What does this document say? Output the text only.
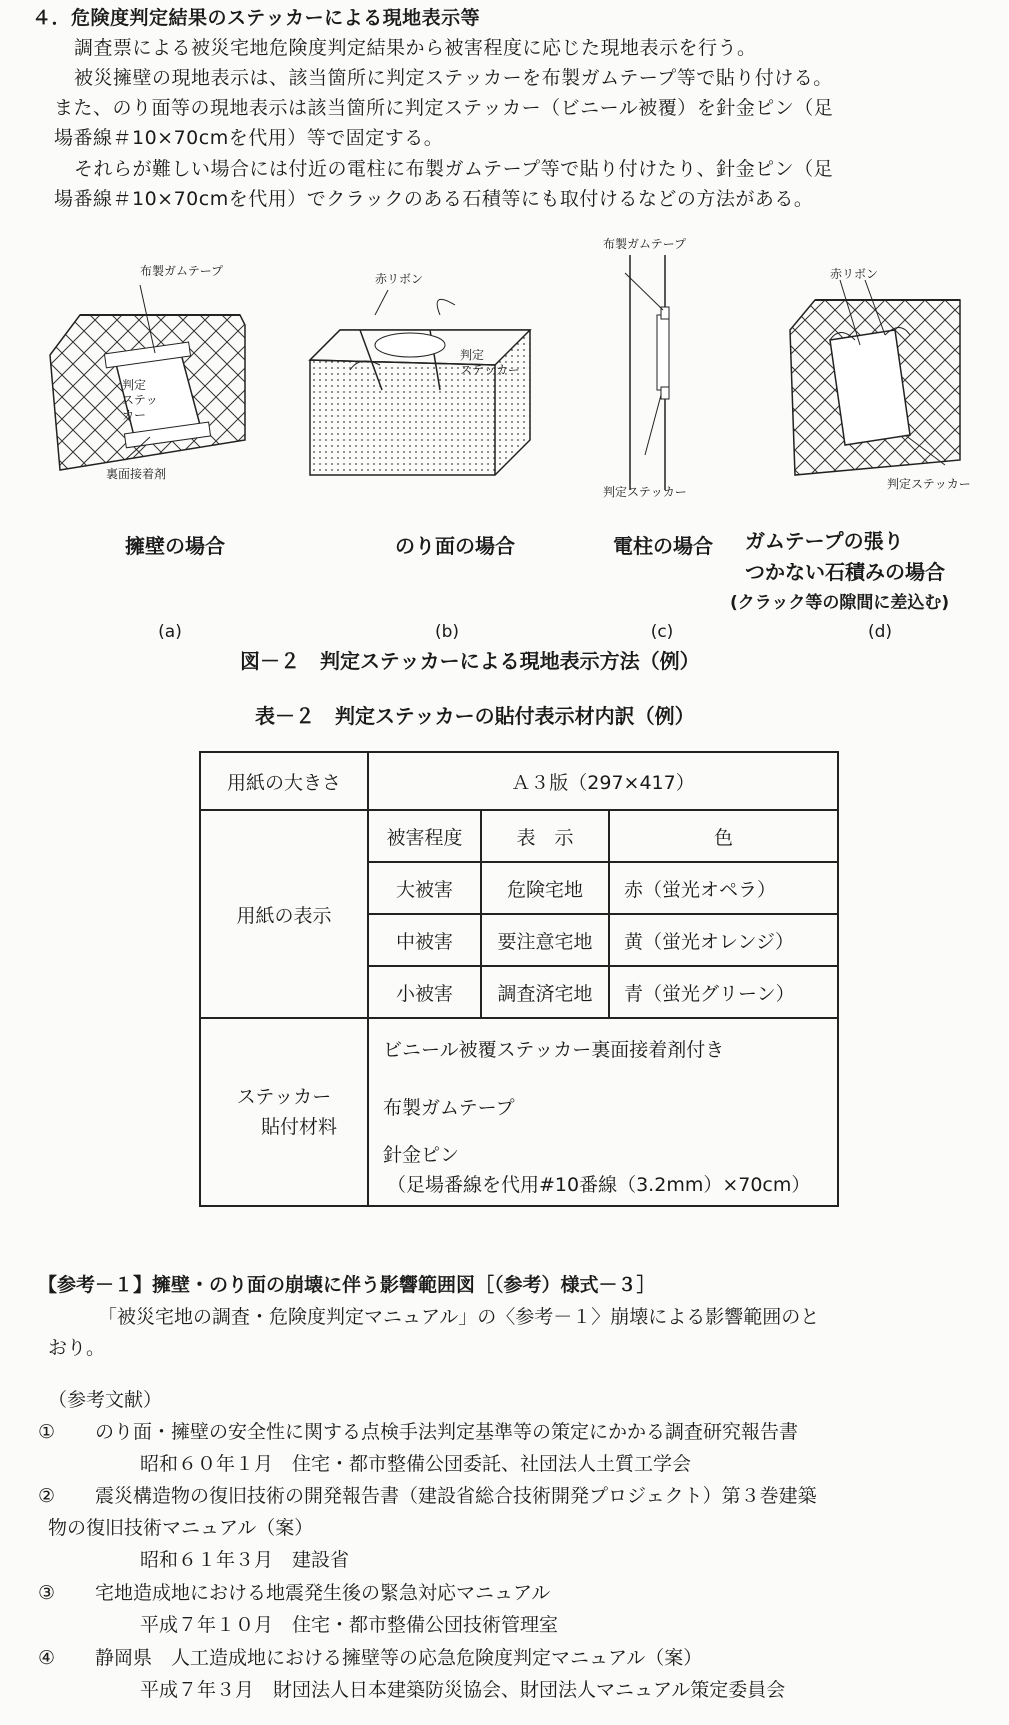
４．危険度判定結果のステッカーによる現地表示等
調査票による被災宅地危険度判定結果から被害程度に応じた現地表示を行う。
被災擁壁の現地表示は、該当箇所に判定ステッカーを布製ガムテープ等で貼り付ける。
また、のり面等の現地表示は該当箇所に判定ステッカー（ビニール被覆）を針金ピン（足
場番線＃10×70cmを代用）等で固定する。
それらが難しい場合には付近の電柱に布製ガムテープ等で貼り付けたり、針金ピン（足
場番線＃10×70cmを代用）でクラックのある石積等にも取付けるなどの方法がある。
布製ガムテープ
判定
ステッ
カー
裏面接着剤
赤リボン
判定
ステッカー
布製ガムテープ
判定ステッカー
赤リボン
判定ステッカー
擁壁の場合	のり面の場合	電柱の場合	ガムテープの張り
つかない石積みの場合
(クラック等の隙間に差込む)
(a)	(b)	(c)	(d)
図－２　判定ステッカーによる現地表示方法（例）
表－２　判定ステッカーの貼付表示材内訳（例）
用紙の大きさ	Ａ３版（297×417）		
用紙の表示	被害程度	表　示	色
	大被害	危険宅地	赤（蛍光オペラ）
	中被害	要注意宅地	黄（蛍光オレンジ）
	小被害	調査済宅地	青（蛍光グリーン）

ステッカー
貼付材料	ビニール被覆ステッカー裏面接着剤付き		
	布製ガムテープ		

	針金ピン
（足場番線を代用#10番線（3.2mm）×70cm）		
【参考－１】擁壁・のり面の崩壊に伴う影響範囲図［（参考）様式－３］
「被災宅地の調査・危険度判定マニュアル」の〈参考－１〉崩壊による影響範囲のと
おり。
（参考文献）
① のり面・擁壁の安全性に関する点検手法判定基準等の策定にかかる調査研究報告書
昭和６０年１月　住宅・都市整備公団委託、社団法人土質工学会
② 震災構造物の復旧技術の開発報告書（建設省総合技術開発プロジェクト）第３巻建築
物の復旧技術マニュアル（案）
昭和６１年３月　建設省
③ 宅地造成地における地震発生後の緊急対応マニュアル
平成７年１０月　住宅・都市整備公団技術管理室
④ 静岡県　人工造成地における擁壁等の応急危険度判定マニュアル（案）
平成７年３月　財団法人日本建築防災協会、財団法人マニュアル策定委員会
